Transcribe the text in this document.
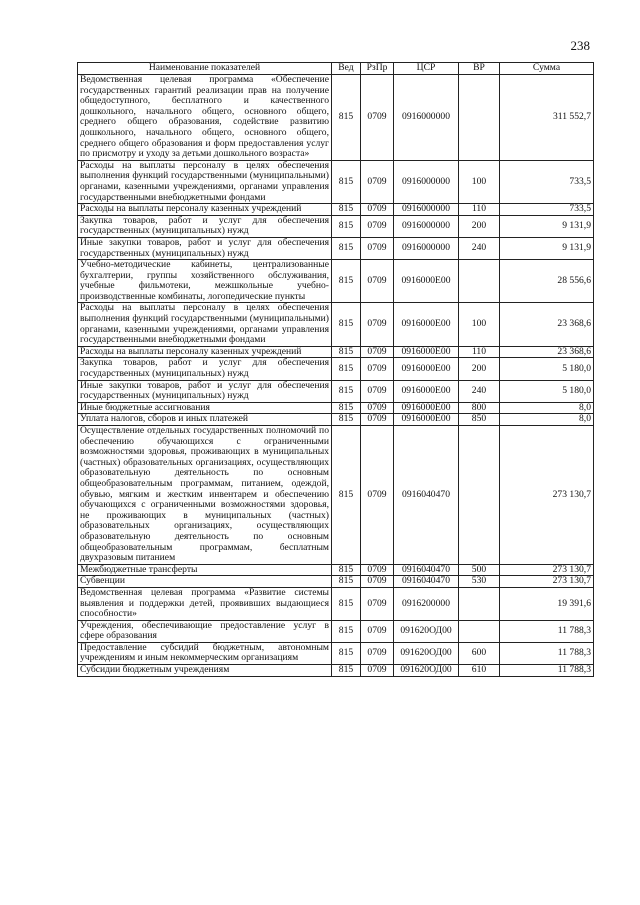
238
Наименование показателей	Вед	РзПр	ЦСР	ВР	Сумма
Ведомственная целевая программа «Обеспечение государственных гарантий реализации прав на получение общедоступного, бесплатного и качественного дошкольного, начального общего, основного общего, среднего общего образования, содействие развитию дошкольного, начального общего, основного общего, среднего общего образования и форм предоставления услуг по присмотру и уходу за детьми дошкольного возраста»	815	0709	0916000000		311 552,7
Расходы на выплаты персоналу в целях обеспечения выполнения функций государственными (муниципальными) органами, казенными учреждениями, органами управления государственными внебюджетными фондами	815	0709	0916000000	100	733,5
Расходы на выплаты персоналу казенных учреждений	815	0709	0916000000	110	733,5
Закупка товаров, работ и услуг для обеспечения государственных (муниципальных) нужд	815	0709	0916000000	200	9 131,9
Иные закупки товаров, работ и услуг для обеспечения государственных (муниципальных) нужд	815	0709	0916000000	240	9 131,9
Учебно-методические кабинеты, централизованные бухгалтерии, группы хозяйственного обслуживания, учебные фильмотеки, межшкольные учебно-производственные комбинаты, логопедические пункты	815	0709	0916000Е00		28 556,6
Расходы на выплаты персоналу в целях обеспечения выполнения функций государственными (муниципальными) органами, казенными учреждениями, органами управления государственными внебюджетными фондами	815	0709	0916000Е00	100	23 368,6
Расходы на выплаты персоналу казенных учреждений	815	0709	0916000Е00	110	23 368,6
Закупка товаров, работ и услуг для обеспечения государственных (муниципальных) нужд	815	0709	0916000Е00	200	5 180,0
Иные закупки товаров, работ и услуг для обеспечения государственных (муниципальных) нужд	815	0709	0916000Е00	240	5 180,0
Иные бюджетные ассигнования	815	0709	0916000Е00	800	8,0
Уплата налогов, сборов и иных платежей	815	0709	0916000Е00	850	8,0
Осуществление отдельных государственных полномочий по обеспечению обучающихся с ограниченными возможностями здоровья, проживающих в муниципальных (частных) образовательных организациях, осуществляющих образовательную деятельность по основным общеобразовательным программам, питанием, одеждой, обувью, мягким и жестким инвентарем и обеспечению обучающихся с ограниченными возможностями здоровья, не проживающих в муниципальных (частных) образовательных организациях, осуществляющих образовательную деятельность по основным общеобразовательным программам, бесплатным двухразовым питанием	815	0709	0916040470		273 130,7
Межбюджетные трансферты	815	0709	0916040470	500	273 130,7
Субвенции	815	0709	0916040470	530	273 130,7
Ведомственная целевая программа «Развитие системы выявления и поддержки детей, проявивших выдающиеся способности»	815	0709	0916200000		19 391,6
Учреждения, обеспечивающие предоставление услуг в сфере образования	815	0709	091620ОД00		11 788,3
Предоставление субсидий бюджетным, автономным учреждениям и иным некоммерческим организациям	815	0709	091620ОД00	600	11 788,3
Субсидии бюджетным учреждениям	815	0709	091620ОД00	610	11 788,3
